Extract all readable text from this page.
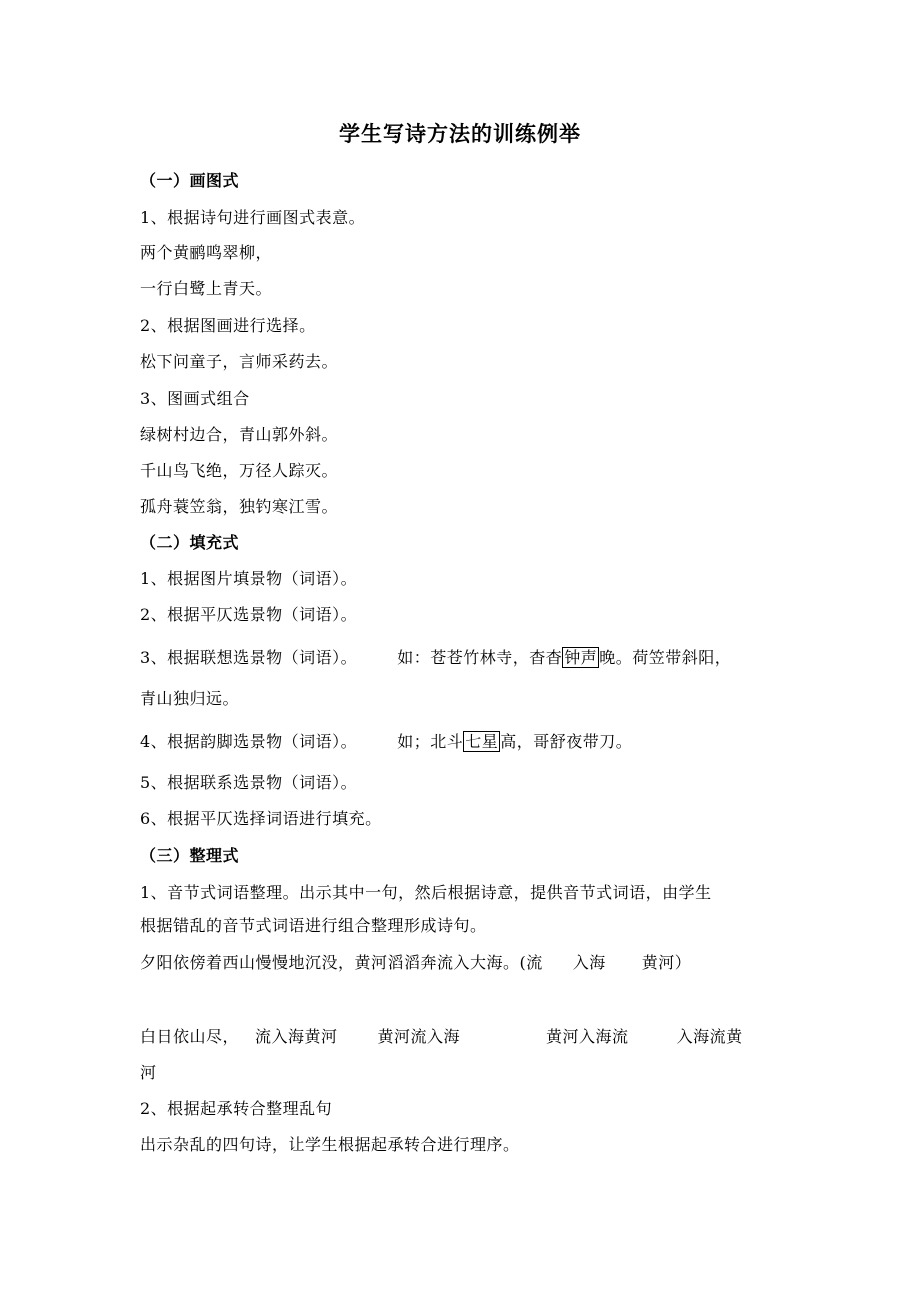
学生写诗方法的训练例举
（一）画图式
1、根据诗句进行画图式表意。
两个黄鹂鸣翠柳，
一行白鹭上青天。
2、根据图画进行选择。
松下问童子，言师采药去。
3、图画式组合
绿树村边合，青山郭外斜。
千山鸟飞绝，万径人踪灭。
孤舟蓑笠翁，独钓寒江雪。
（二）填充式
1、根据图片填景物（词语）。
2、根据平仄选景物（词语）。
3、根据联想选景物（词语）。	如：苍苍竹林寺，杳杳 钟声 晚。荷笠带斜阳，
青山独归远。
4、根据韵脚选景物（词语）。	如；北斗 七星 高，哥舒夜带刀。
5、根据联系选景物（词语）。
6、根据平仄选择词语进行填充。
（三）整理式
1、音节式词语整理。出示其中一句，然后根据诗意，提供音节式词语，由学生
根据错乱的音节式词语进行组合整理形成诗句。
夕阳依傍着西山慢慢地沉没，黄河滔滔奔流入大海。(流 入海 黄河）
白日依山尽， 流入海黄河	黄河流入海	黄河入海流	入海流黄
河
2、根据起承转合整理乱句
出示杂乱的四句诗，让学生根据起承转合进行理序。
